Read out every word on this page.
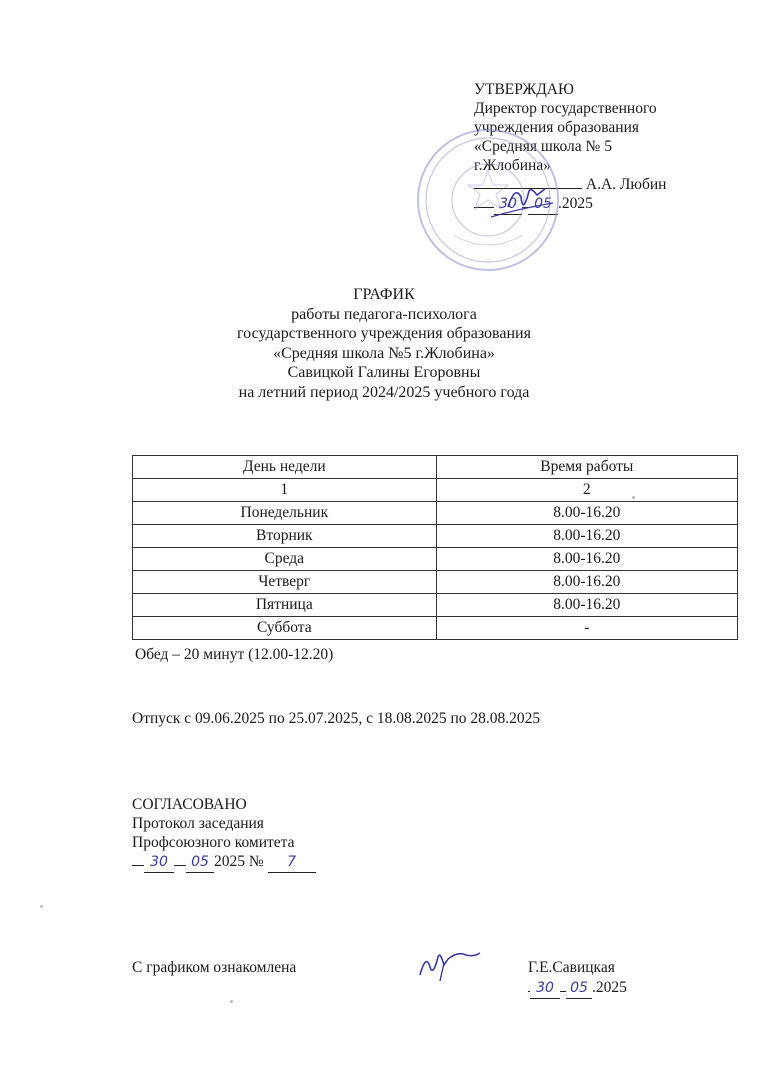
УТВЕРЖДАЮ
Директор государственного
учреждения образования
«Средняя школа № 5
г.Жлобина»
А.А. Любин
30 05 .2025
ГРАФИК
работы педагога-психолога
государственного учреждения образования
«Средняя школа №5 г.Жлобина»
Савицкой Галины Егоровны
на летний период 2024/2025 учебного года
День недели	Время работы
1	2
Понедельник	8.00-16.20
Вторник	8.00-16.20
Среда	8.00-16.20
Четверг	8.00-16.20
Пятница	8.00-16.20
Суббота	-
Обед – 20 минут (12.00-12.20)
Отпуск с 09.06.2025 по 25.07.2025, с 18.08.2025 по 28.08.2025
СОГЛАСОВАНО
Протокол заседания
Профсоюзного комитета
30 05 2025 № 7
С графиком ознакомлена	Г.Е.Савицкая
30 05 .2025
